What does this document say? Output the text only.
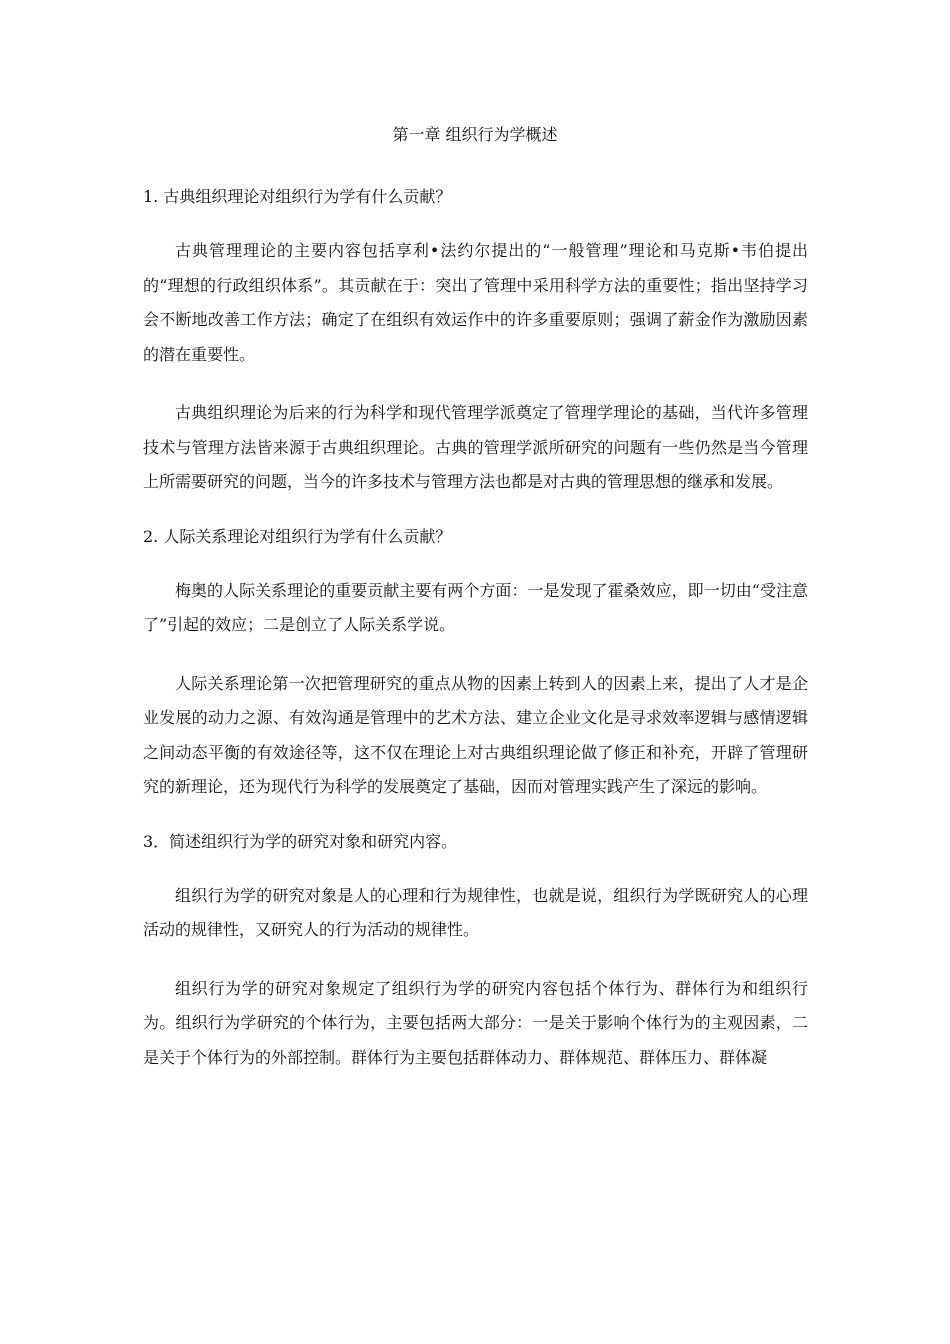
第一章 组织行为学概述

1. 古典组织理论对组织行为学有什么贡献？

古典管理理论的主要内容包括享利•法约尔提出的“一般管理”理论和马克斯•韦伯提出的“理想的行政组织体系”。其贡献在于：突出了管理中采用科学方法的重要性；指出坚持学习会不断地改善工作方法；确定了在组织有效运作中的许多重要原则；强调了薪金作为激励因素的潜在重要性。

古典组织理论为后来的行为科学和现代管理学派奠定了管理学理论的基础，当代许多管理技术与管理方法皆来源于古典组织理论。古典的管理学派所研究的问题有一些仍然是当今管理上所需要研究的问题，当今的许多技术与管理方法也都是对古典的管理思想的继承和发展。

2. 人际关系理论对组织行为学有什么贡献？

梅奥的人际关系理论的重要贡献主要有两个方面：一是发现了霍桑效应，即一切由“受注意了”引起的效应；二是创立了人际关系学说。

人际关系理论第一次把管理研究的重点从物的因素上转到人的因素上来，提出了人才是企业发展的动力之源、有效沟通是管理中的艺术方法、建立企业文化是寻求效率逻辑与感情逻辑之间动态平衡的有效途径等，这不仅在理论上对古典组织理论做了修正和补充，开辟了管理研究的新理论，还为现代行为科学的发展奠定了基础，因而对管理实践产生了深远的影响。

3．简述组织行为学的研究对象和研究内容。

组织行为学的研究对象是人的心理和行为规律性，也就是说，组织行为学既研究人的心理活动的规律性，又研究人的行为活动的规律性。

组织行为学的研究对象规定了组织行为学的研究内容包括个体行为、群体行为和组织行为。组织行为学研究的个体行为，主要包括两大部分：一是关于影响个体行为的主观因素，二是关于个体行为的外部控制。群体行为主要包括群体动力、群体规范、群体压力、群体凝
